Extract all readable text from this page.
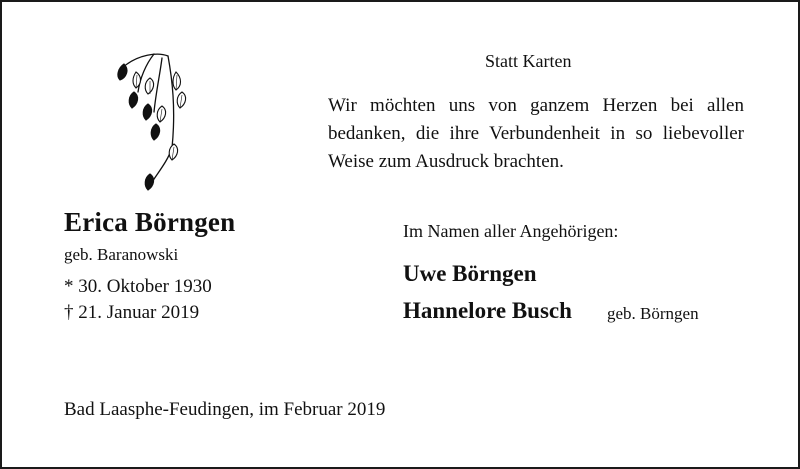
Erica Börngen
geb. Baranowski
* 30. Oktober 1930
† 21. Januar 2019
Statt Karten
Wir möchten uns von ganzem Herzen bei allen bedanken, die ihre Verbundenheit in so liebevoller Weise zum Ausdruck brachten.
Im Namen aller Angehörigen:
Uwe Börngen
Hannelore Busch geb. Börngen
Bad Laasphe-Feudingen, im Februar 2019
